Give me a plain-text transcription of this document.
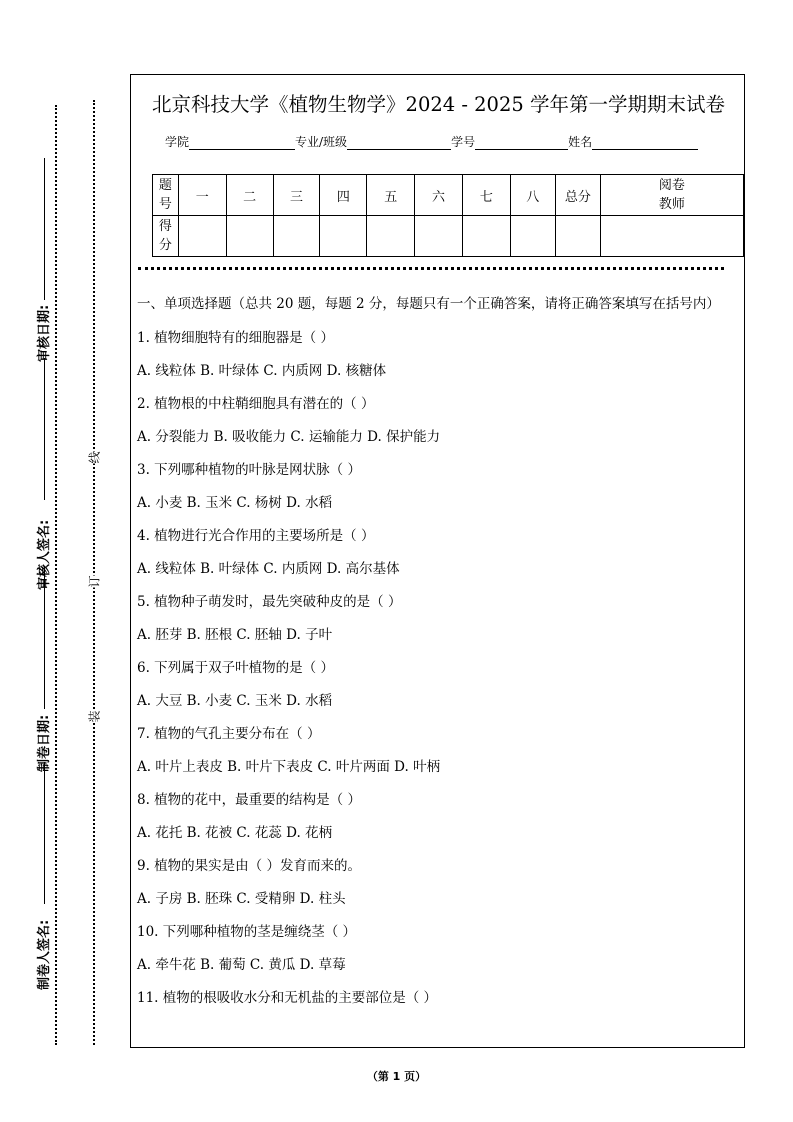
审核日期:
审核人签名:
制卷日期:
制卷人签名:
线
订
装
北京科技大学《植物生物学》2024 - 2025 学年第一学期期末试卷
学院	专业/班级	学号	姓名
题
号	一	二	三	四	五	六	七	八	总分	阅卷
教师
得
分										

一、单项选择题（总共 20 题，每题 2 分，每题只有一个正确答案，请将正确答案填写在括号内）

1. 植物细胞特有的细胞器是（ ）

A. 线粒体 B. 叶绿体 C. 内质网 D. 核糖体

2. 植物根的中柱鞘细胞具有潜在的（ ）

A. 分裂能力 B. 吸收能力 C. 运输能力 D. 保护能力

3. 下列哪种植物的叶脉是网状脉（ ）

A. 小麦 B. 玉米 C. 杨树 D. 水稻

4. 植物进行光合作用的主要场所是（ ）

A. 线粒体 B. 叶绿体 C. 内质网 D. 高尔基体

5. 植物种子萌发时，最先突破种皮的是（ ）

A. 胚芽 B. 胚根 C. 胚轴 D. 子叶

6. 下列属于双子叶植物的是（ ）

A. 大豆 B. 小麦 C. 玉米 D. 水稻

7. 植物的气孔主要分布在（ ）

A. 叶片上表皮 B. 叶片下表皮 C. 叶片两面 D. 叶柄

8. 植物的花中，最重要的结构是（ ）

A. 花托 B. 花被 C. 花蕊 D. 花柄

9. 植物的果实是由（ ）发育而来的。

A. 子房 B. 胚珠 C. 受精卵 D. 柱头

10. 下列哪种植物的茎是缠绕茎（ ）

A. 牵牛花 B. 葡萄 C. 黄瓜 D. 草莓

11. 植物的根吸收水分和无机盐的主要部位是（ ）

（第 1 页）
